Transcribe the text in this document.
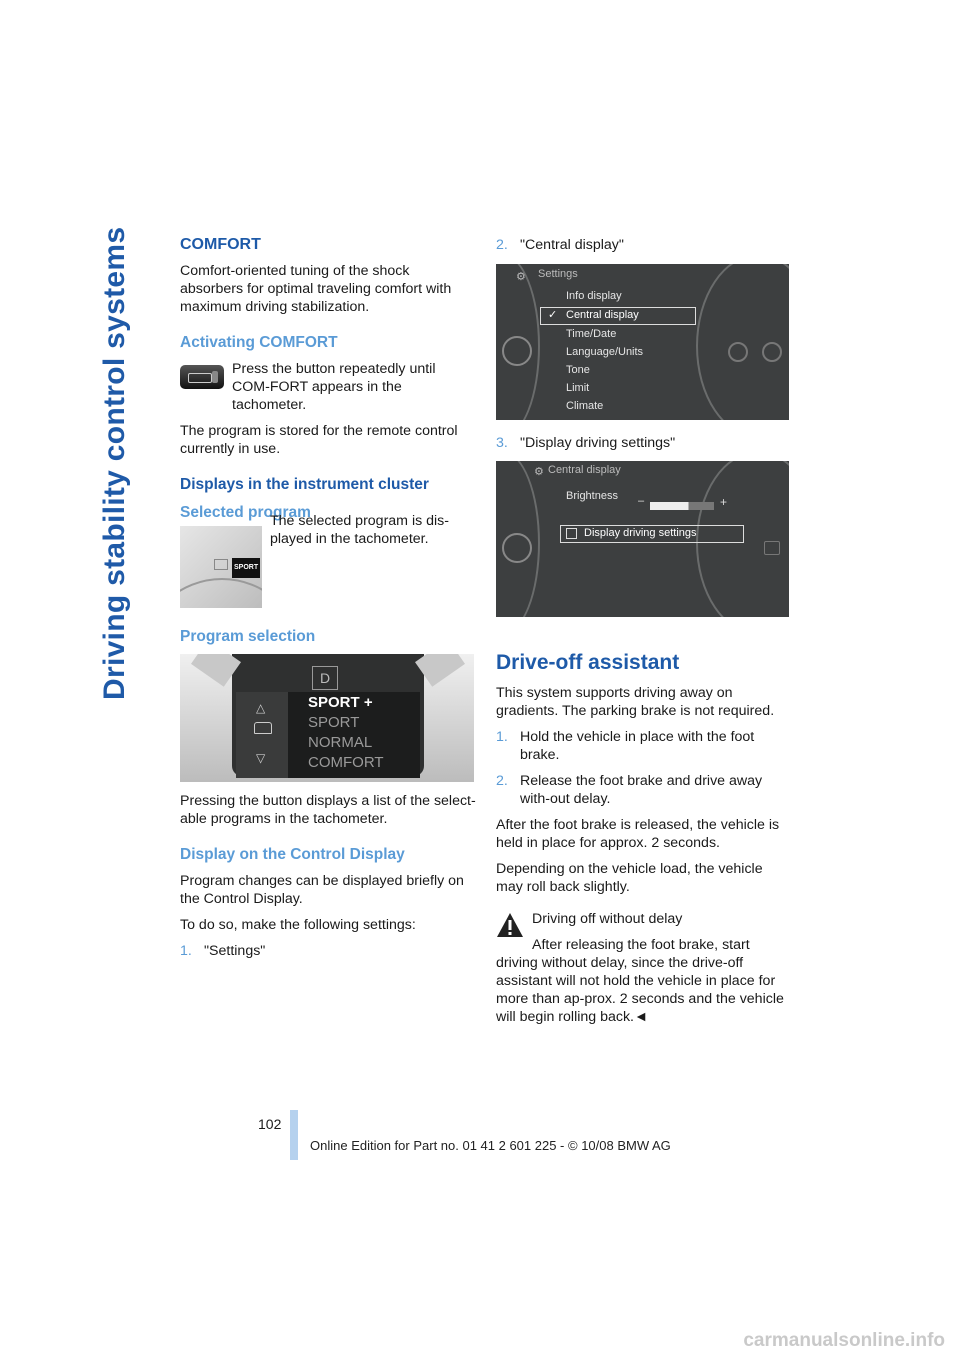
Driving stability control systems	COMFORT

Comfort-oriented tuning of the shock absorbers for optimal traveling comfort with maximum driving stabilization.

Activating COMFORT

Press the button repeatedly until COM-FORT appears in the tachometer.

The program is stored for the remote control currently in use.

Displays in the instrument cluster
Selected program
SPORT

The selected program is dis-played in the tachometer.

Program selection
D
△
▽
SPORT +
SPORT
NORMAL
COMFORT

Pressing the button displays a list of the select-able programs in the tachometer.

Display on the Control Display

Program changes can be displayed briefly on the Control Display.

To do so, make the following settings:

1. "Settings"
2. "Central display"
⚙ Settings
Info display
✓ Central display
Time/Date
Language/Units
Tone
Limit
Climate
3. "Display driving settings"
⚙ Central display
Brightness –	+
Display driving settings
Drive-off assistant

This system supports driving away on gradients. The parking brake is not required.

1. Hold the vehicle in place with the foot brake.
2. Release the foot brake and drive away with-out delay.

After the foot brake is released, the vehicle is held in place for approx. 2 seconds.

Depending on the vehicle load, the vehicle may roll back slightly.

Driving off without delay

After releasing the foot brake, start driving without delay, since the drive-off assistant will not hold the vehicle in place for more than ap-prox. 2 seconds and the vehicle will begin rolling back.◄

102
Online Edition for Part no. 01 41 2 601 225 - © 10/08 BMW AG
carmanualsonline.info
